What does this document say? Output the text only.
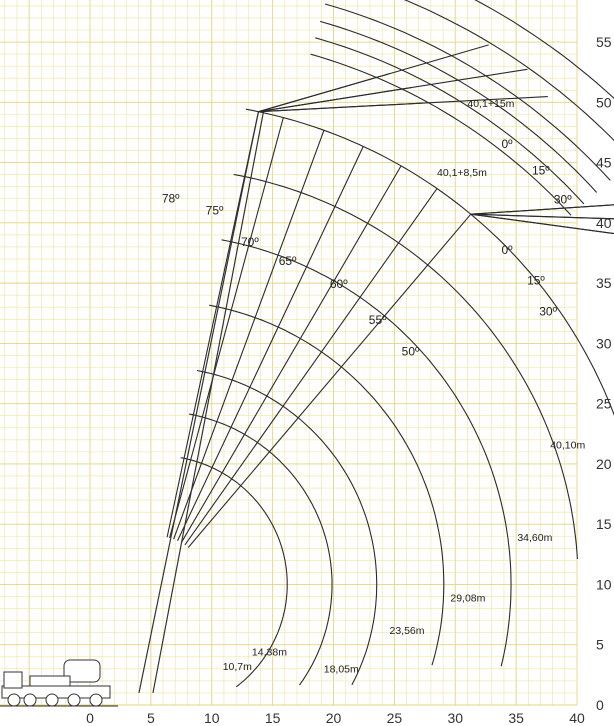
0	5	10	15	20	25	30	35	40
0
5
10
15
20
25
30
35
40
45
50
55
10,7m
14,38m
18,05m
23,56m
29,08m
34,60m
40,10m
78º
75º
70º
65º
60º
55º
50º
40,1+15m
0º
15º
30º
40,1+8,5m
0º
15º
30º
